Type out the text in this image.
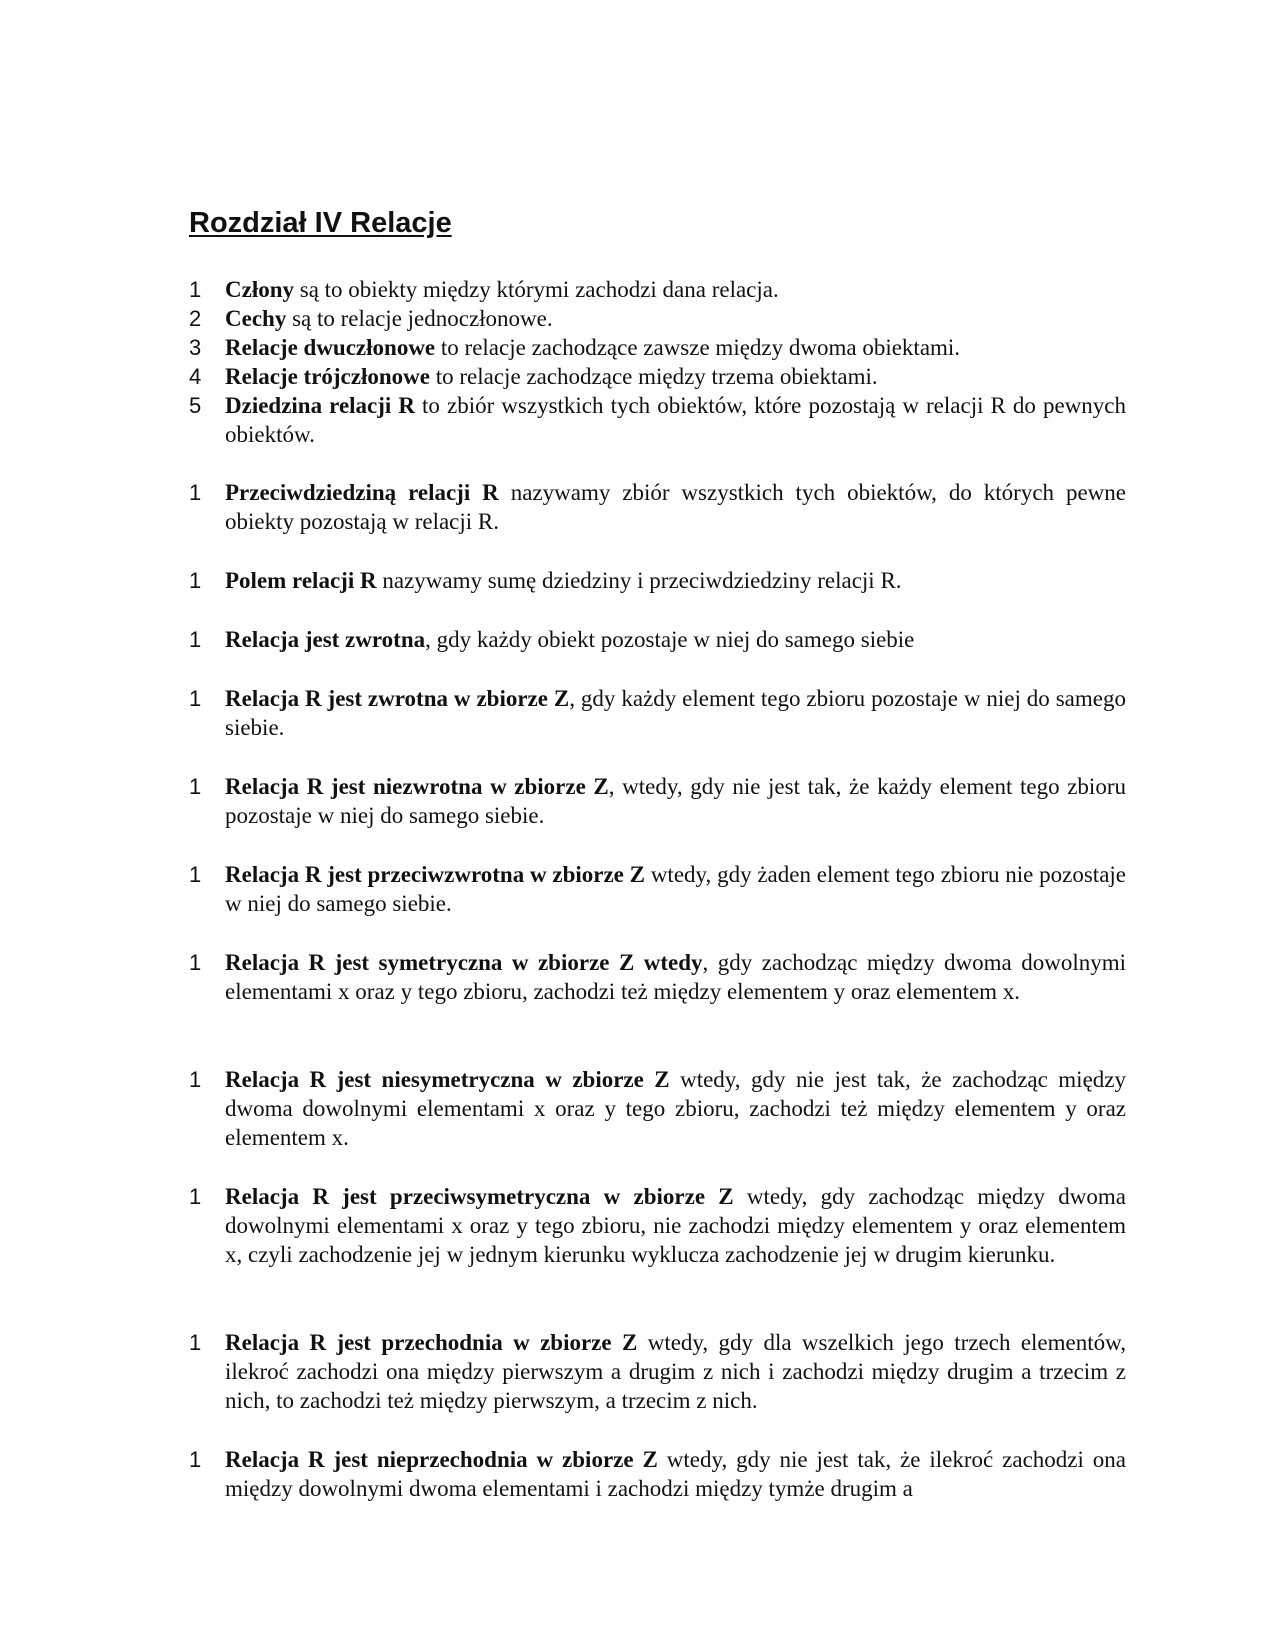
Rozdział IV Relacje
1	Człony są to obiekty między którymi zachodzi dana relacja.
2	Cechy są to relacje jednoczłonowe.
3	Relacje dwuczłonowe to relacje zachodzące zawsze między dwoma obiektami.
4	Relacje trójczłonowe to relacje zachodzące między trzema obiektami.
5	Dziedzina relacji R to zbiór wszystkich tych obiektów, które pozostają w relacji R do pewnych obiektów.
1	Przeciwdziedziną relacji R nazywamy zbiór wszystkich tych obiektów, do których pewne obiekty pozostają w relacji R.
1	Polem relacji R nazywamy sumę dziedziny i przeciwdziedziny relacji R.
1	Relacja jest zwrotna, gdy każdy obiekt pozostaje w niej do samego siebie
1	Relacja R jest zwrotna w zbiorze Z, gdy każdy element tego zbioru pozostaje w niej do samego siebie.
1	Relacja R jest niezwrotna w zbiorze Z, wtedy, gdy nie jest tak, że każdy element tego zbioru pozostaje w niej do samego siebie.
1	Relacja R jest przeciwzwrotna w zbiorze Z wtedy, gdy żaden element tego zbioru nie pozostaje w niej do samego siebie.
1	Relacja R jest symetryczna w zbiorze Z wtedy, gdy zachodząc między dwoma dowolnymi elementami x oraz y tego zbioru, zachodzi też między elementem y oraz elementem x.
1	Relacja R jest niesymetryczna w zbiorze Z wtedy, gdy nie jest tak, że zachodząc między dwoma dowolnymi elementami x oraz y tego zbioru, zachodzi też między elementem y oraz elementem x.
1	Relacja R jest przeciwsymetryczna w zbiorze Z wtedy, gdy zachodząc między dwoma dowolnymi elementami x oraz y tego zbioru, nie zachodzi między elementem y oraz elementem x, czyli zachodzenie jej w jednym kierunku wyklucza zachodzenie jej w drugim kierunku.
1	Relacja R jest przechodnia w zbiorze Z wtedy, gdy dla wszelkich jego trzech elementów, ilekroć zachodzi ona między pierwszym a drugim z nich i zachodzi między drugim a trzecim z nich, to zachodzi też między pierwszym, a trzecim z nich.
1	Relacja R jest nieprzechodnia w zbiorze Z wtedy, gdy nie jest tak, że ilekroć zachodzi ona między dowolnymi dwoma elementami i zachodzi między tymże drugim a
